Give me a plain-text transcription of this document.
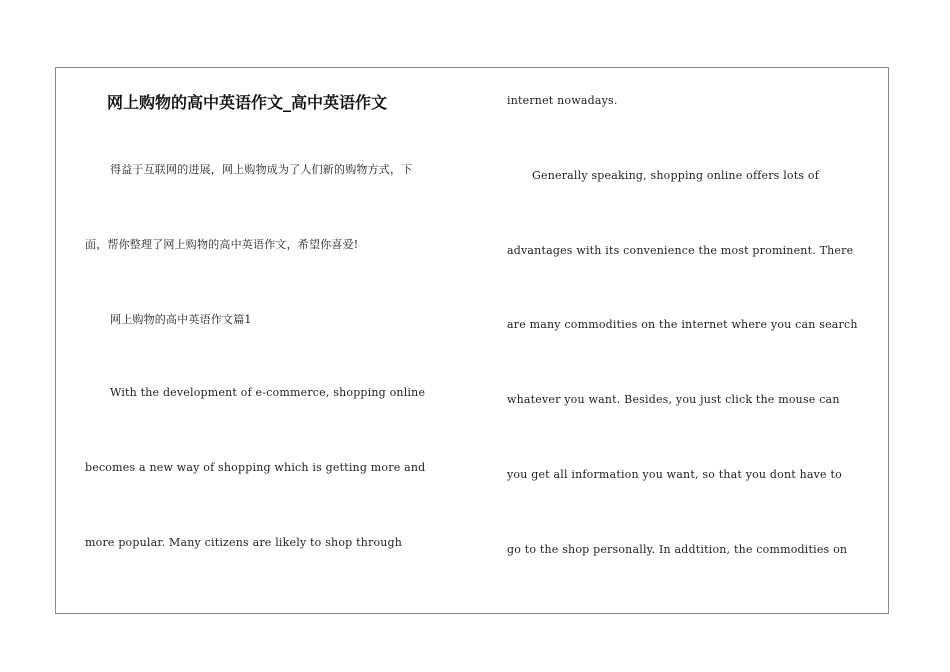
网上购物的高中英语作文_高中英语作文
得益于互联网的进展，网上购物成为了人们新的购物方式，下
面，帮你整理了网上购物的高中英语作文，希望你喜爱!
网上购物的高中英语作文篇1
With the development of e-commerce, shopping online
becomes a new way of shopping which is getting more and
more popular. Many citizens are likely to shop through
internet nowadays.
Generally speaking, shopping online offers lots of
advantages with its convenience the most prominent. There
are many commodities on the internet where you can search
whatever you want. Besides, you just click the mouse can
you get all information you want, so that you dont have to
go to the shop personally. In addtition, the commodities on
